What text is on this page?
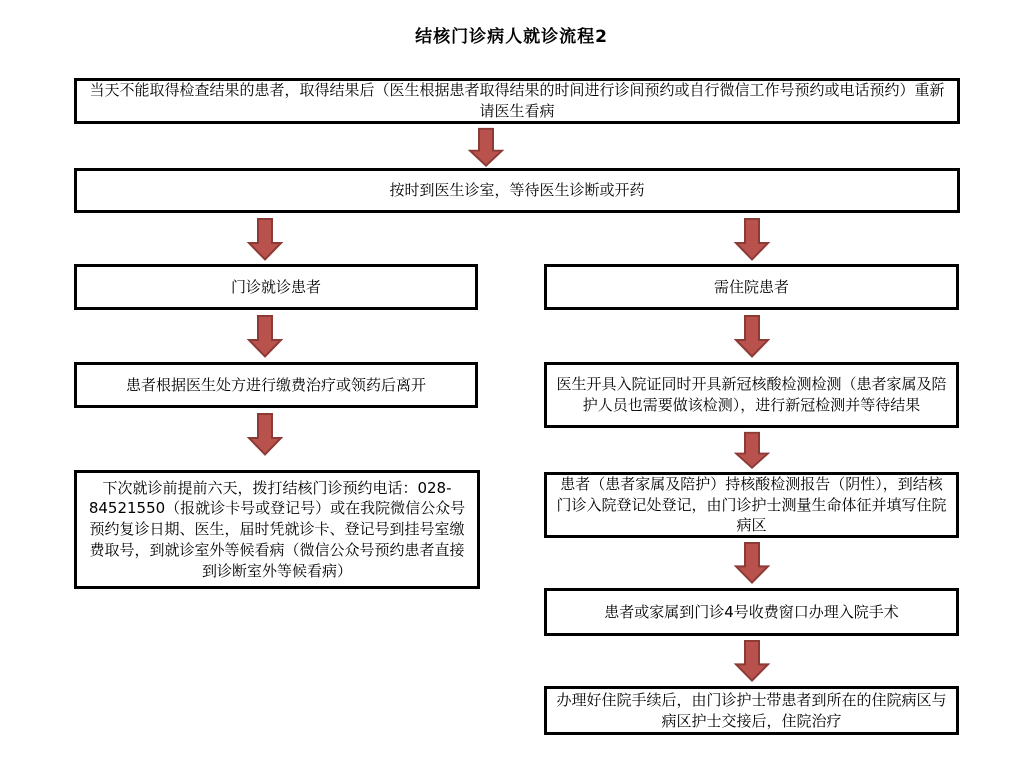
结核门诊病人就诊流程2
当天不能取得检查结果的患者，取得结果后（医生根据患者取得结果的时间进行诊间预约或自行微信工作号预约或电话预约）重新请医生看病
按时到医生诊室，等待医生诊断或开药
门诊就诊患者	需住院患者
患者根据医生处方进行缴费治疗或领药后离开	医生开具入院证同时开具新冠核酸检测检测（患者家属及陪护人员也需要做该检测），进行新冠检测并等待结果
下次就诊前提前六天，拨打结核门诊预约电话：028-84521550（报就诊卡号或登记号）或在我院微信公众号预约复诊日期、医生，届时凭就诊卡、登记号到挂号室缴费取号，到就诊室外等候看病（微信公众号预约患者直接到诊断室外等候看病）
患者（患者家属及陪护）持核酸检测报告（阴性），到结核门诊入院登记处登记，由门诊护士测量生命体征并填写住院病区
患者或家属到门诊4号收费窗口办理入院手术
办理好住院手续后，由门诊护士带患者到所在的住院病区与病区护士交接后，住院治疗
